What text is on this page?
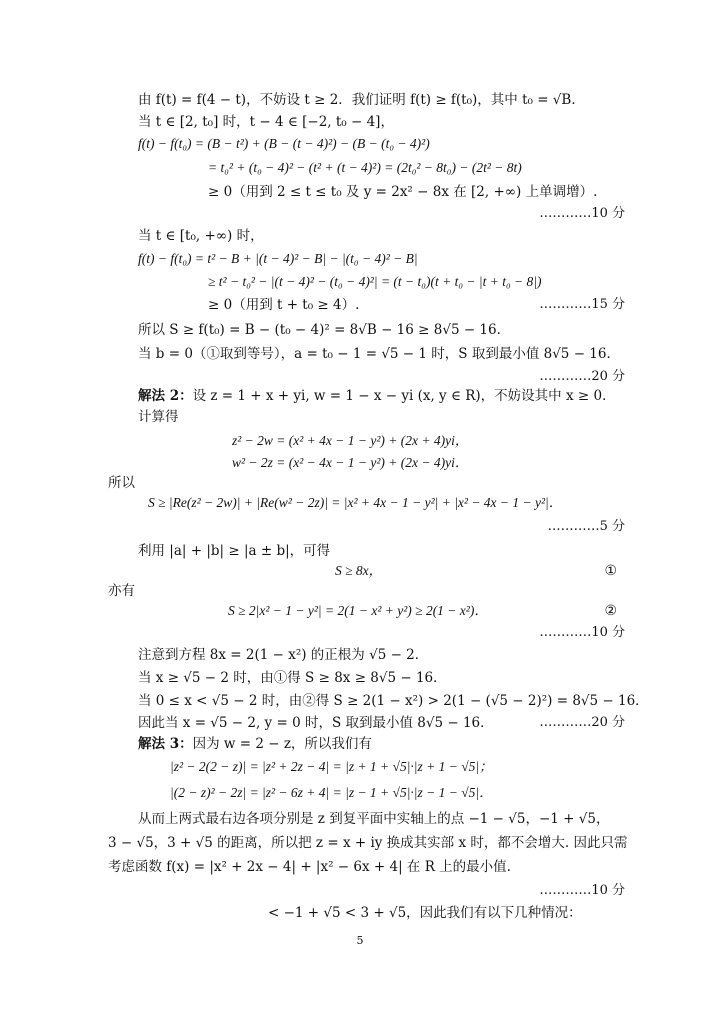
由 f(t) = f(4 − t)，不妨设 t ≥ 2．我们证明 f(t) ≥ f(t₀)，其中 t₀ = √B．
当 t ∈ [2, t₀] 时，t − 4 ∈ [−2, t₀ − 4]，
f(t) − f(t₀) = (B − t²) + (B − (t − 4)²) − (B − (t₀ − 4)²)
= t₀² + (t₀ − 4)² − (t² + (t − 4)²) = (2t₀² − 8t₀) − (2t² − 8t)
≥ 0（用到 2 ≤ t ≤ t₀ 及 y = 2x² − 8x 在 [2, +∞) 上单调增）.
…………10 分
当 t ∈ [t₀, +∞) 时，
f(t) − f(t₀) = t² − B + |(t − 4)² − B| − |(t₀ − 4)² − B|
≥ t² − t₀² − |(t − 4)² − (t₀ − 4)²| = (t − t₀)(t + t₀ − |t + t₀ − 8|)
≥ 0（用到 t + t₀ ≥ 4）.	…………15 分
所以 S ≥ f(t₀) = B − (t₀ − 4)² = 8√B − 16 ≥ 8√5 − 16．
当 b = 0（①取到等号），a = t₀ − 1 = √5 − 1 时，S 取到最小值 8√5 − 16．
…………20 分
解法 2：设 z = 1 + x + yi, w = 1 − x − yi (x, y ∈ R)，不妨设其中 x ≥ 0．
计算得
z² − 2w = (x² + 4x − 1 − y²) + (2x + 4)yi，
w² − 2z = (x² − 4x − 1 − y²) + (2x − 4)yi．
所以
S ≥ |Re(z² − 2w)| + |Re(w² − 2z)| = |x² + 4x − 1 − y²| + |x² − 4x − 1 − y²|．
…………5 分
利用 |a| + |b| ≥ |a ± b|，可得
S ≥ 8x，	①
亦有
S ≥ 2|x² − 1 − y²| = 2(1 − x² + y²) ≥ 2(1 − x²)．	②
…………10 分
注意到方程 8x = 2(1 − x²) 的正根为 √5 − 2．
当 x ≥ √5 − 2 时，由①得 S ≥ 8x ≥ 8√5 − 16．
当 0 ≤ x < √5 − 2 时，由②得 S ≥ 2(1 − x²) > 2(1 − (√5 − 2)²) = 8√5 − 16．
因此当 x = √5 − 2, y = 0 时，S 取到最小值 8√5 − 16．	…………20 分
解法 3：因为 w = 2 − z，所以我们有
|z² − 2(2 − z)| = |z² + 2z − 4| = |z + 1 + √5|·|z + 1 − √5|；
|(2 − z)² − 2z| = |z² − 6z + 4| = |z − 1 + √5|·|z − 1 − √5|．
从而上两式最右边各项分别是 z 到复平面中实轴上的点 −1 − √5，−1 + √5，
3 − √5，3 + √5 的距离，所以把 z = x + iy 换成其实部 x 时，都不会增大. 因此只需
考虑函数 f(x) = |x² + 2x − 4| + |x² − 6x + 4| 在 R 上的最小值.
…………10 分
< −1 + √5 < 3 + √5，因此我们有以下几种情况：
5
